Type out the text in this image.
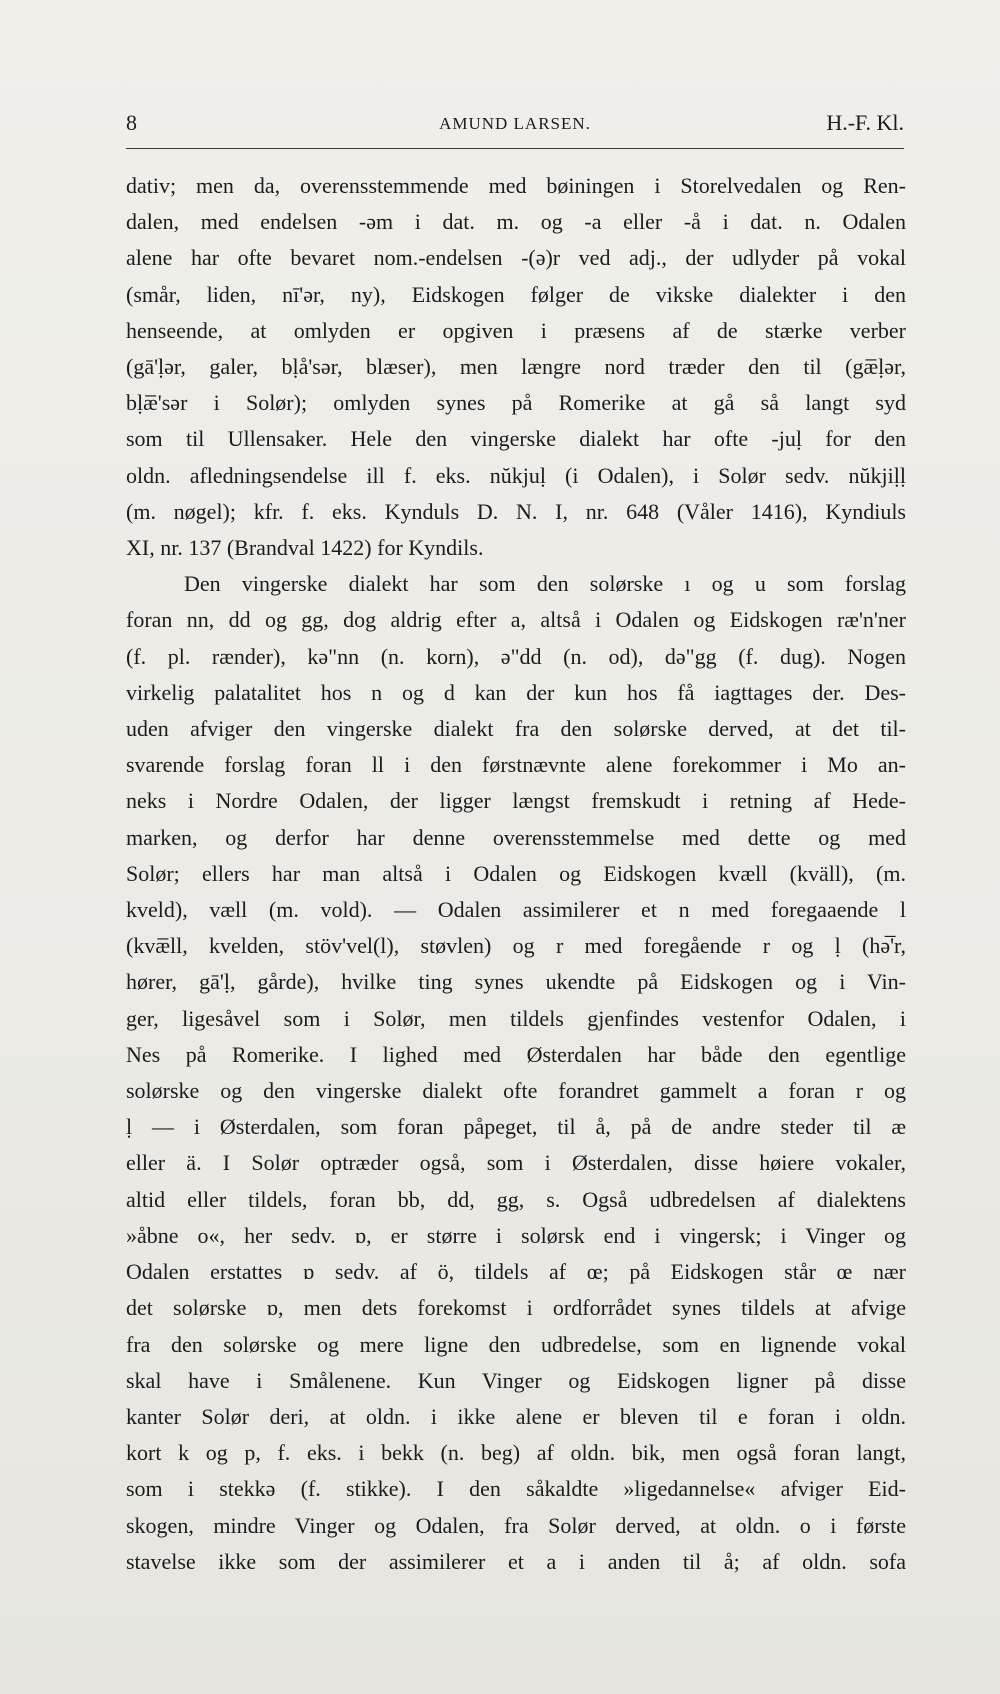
8	AMUND LARSEN.	H.-F. Kl.
dativ; men da, overensstemmende med bøiningen i Storelvedalen og Ren-
dalen, med endelsen -əm i dat. m. og -a eller -å i dat. n. Odalen
alene har ofte bevaret nom.-endelsen -(ə)r ved adj., der udlyder på vokal
(smår, liden, nī'ər, ny), Eidskogen følger de vikske dialekter i den
henseende, at omlyden er opgiven i præsens af de stærke verber
(gā'ḷər, galer, bḷå'sər, blæser), men længre nord træder den til (gæ̅ḷər,
bḷæ̅'sər i Solør); omlyden synes på Romerike at gå så langt syd
som til Ullensaker. Hele den vingerske dialekt har ofte -juḷ for den
oldn. afledningsendelse ill f. eks. nŭkjuḷ (i Odalen), i Solør sedv. nŭkjiḷḷ
(m. nøgel); kfr. f. eks. Kynduls D. N. I, nr. 648 (Våler 1416), Kyndiuls
XI, nr. 137 (Brandval 1422) for Kyndils.
Den vingerske dialekt har som den solørske ı og u som forslag
foran nn, dd og gg, dog aldrig efter a, altså i Odalen og Eidskogen ræ'n'ner
(f. pl. rænder), kə"nn (n. korn), ə"dd (n. od), də"gg (f. dug). Nogen
virkelig palatalitet hos n og d kan der kun hos få iagttages der. Des-
uden afviger den vingerske dialekt fra den solørske derved, at det til-
svarende forslag foran ll i den førstnævnte alene forekommer i Mo an-
neks i Nordre Odalen, der ligger længst fremskudt i retning af Hede-
marken, og derfor har denne overensstemmelse med dette og med
Solør; ellers har man altså i Odalen og Eidskogen kvæll (kväll), (m.
kveld), væll (m. vold). — Odalen assimilerer et n med foregaaende l
(kvæ̅ll, kvelden, stöv'vel(l), støvlen) og r med foregående r og ḷ (hə̅'r,
hører, gā'ḷ, gårde), hvilke ting synes ukendte på Eidskogen og i Vin-
ger, ligesåvel som i Solør, men tildels gjenfindes vestenfor Odalen, i
Nes på Romerike. I lighed med Østerdalen har både den egentlige
solørske og den vingerske dialekt ofte forandret gammelt a foran r og
ḷ — i Østerdalen, som foran påpeget, til å, på de andre steder til æ
eller ä. I Solør optræder også, som i Østerdalen, disse høiere vokaler,
altid eller tildels, foran bb, dd, gg, s. Også udbredelsen af dialektens
»åbne o«, her sedv. ɒ, er større i solørsk end i vingersk; i Vinger og
Odalen erstattes ɒ sedv. af ö, tildels af œ; på Eidskogen står œ nær
det solørske ɒ, men dets forekomst i ordforrådet synes tildels at afvige
fra den solørske og mere ligne den udbredelse, som en lignende vokal
skal have i Smålenene. Kun Vinger og Eidskogen ligner på disse
kanter Solør deri, at oldn. i ikke alene er bleven til e foran i oldn.
kort k og p, f. eks. i bekk (n. beg) af oldn. bik, men også foran langt,
som i stekkə (f. stikke). I den såkaldte »ligedannelse« afviger Eid-
skogen, mindre Vinger og Odalen, fra Solør derved, at oldn. o i første
stavelse ikke som der assimilerer et a i anden til å; af oldn. sofa
